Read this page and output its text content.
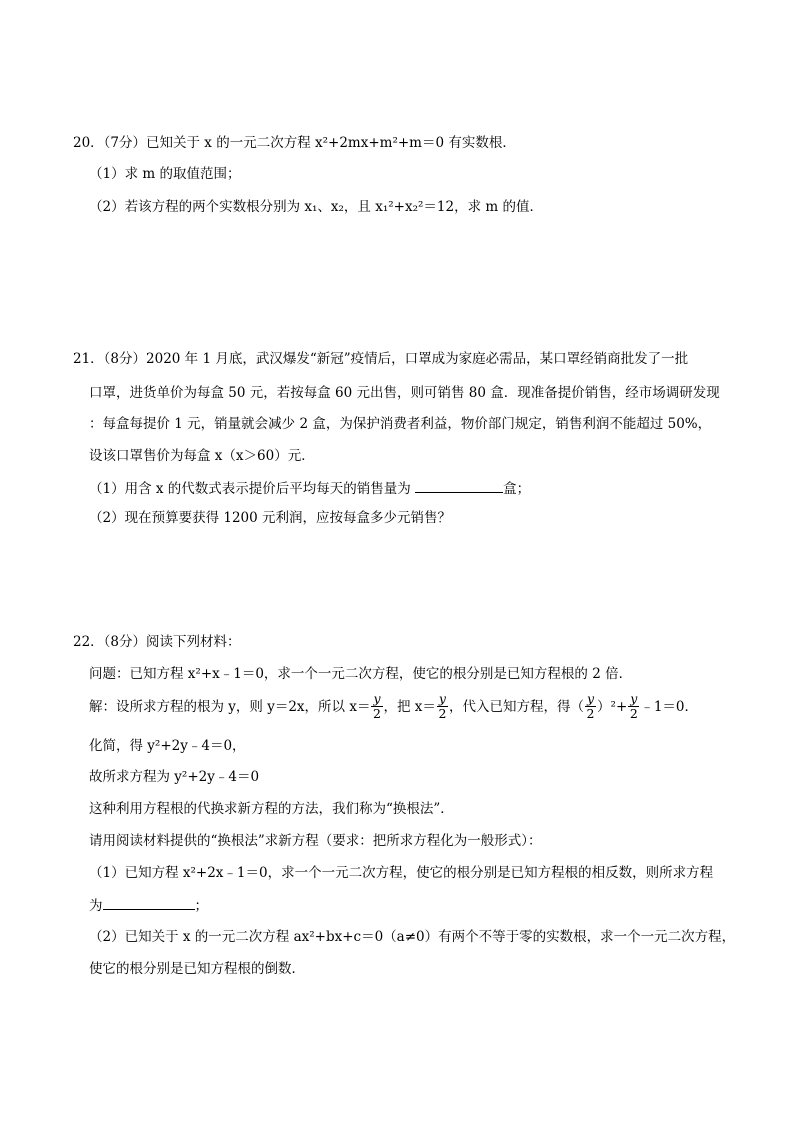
20．（7分）已知关于 x 的一元二次方程 x²+2mx+m²+m＝0 有实数根．
（1）求 m 的取值范围；
（2）若该方程的两个实数根分别为 x₁、x₂，且 x₁²+x₂²＝12，求 m 的值．
21．（8分）2020 年 1 月底，武汉爆发“新冠”疫情后，口罩成为家庭必需品，某口罩经销商批发了一批
口罩，进货单价为每盒 50 元，若按每盒 60 元出售，则可销售 80 盒．现准备提价销售，经市场调研发现
：每盒每提价 1 元，销量就会减少 2 盒，为保护消费者利益，物价部门规定，销售利润不能超过 50%，
设该口罩售价为每盒 x（x＞60）元．
（1）用含 x 的代数式表示提价后平均每天的销售量为	盒；
（2）现在预算要获得 1200 元利润，应按每盒多少元销售？
22．（8分）阅读下列材料：
问题：已知方程 x²+x﹣1＝0，求一个一元二次方程，使它的根分别是已知方程根的 2 倍．
解：设所求方程的根为 y，则 y＝2x，所以 $x= \frac{y}{2}$ ，把 $x= \frac{y}{2}$ ，代入已知方程，得（ $\frac{y}{2} )^2+ \frac{y}{2}$ ﹣1＝0．
化简，得 y²+2y﹣4＝0，
故所求方程为 y²+2y﹣4＝0
这种利用方程根的代换求新方程的方法，我们称为“换根法”．
请用阅读材料提供的“换根法”求新方程（要求：把所求方程化为一般形式）：
（1）已知方程 x²+2x﹣1＝0，求一个一元二次方程，使它的根分别是已知方程根的相反数，则所求方程
为	；
（2）已知关于 x 的一元二次方程 ax²+bx+c＝0（a≠0）有两个不等于零的实数根，求一个一元二次方程，
使它的根分别是已知方程根的倒数．
